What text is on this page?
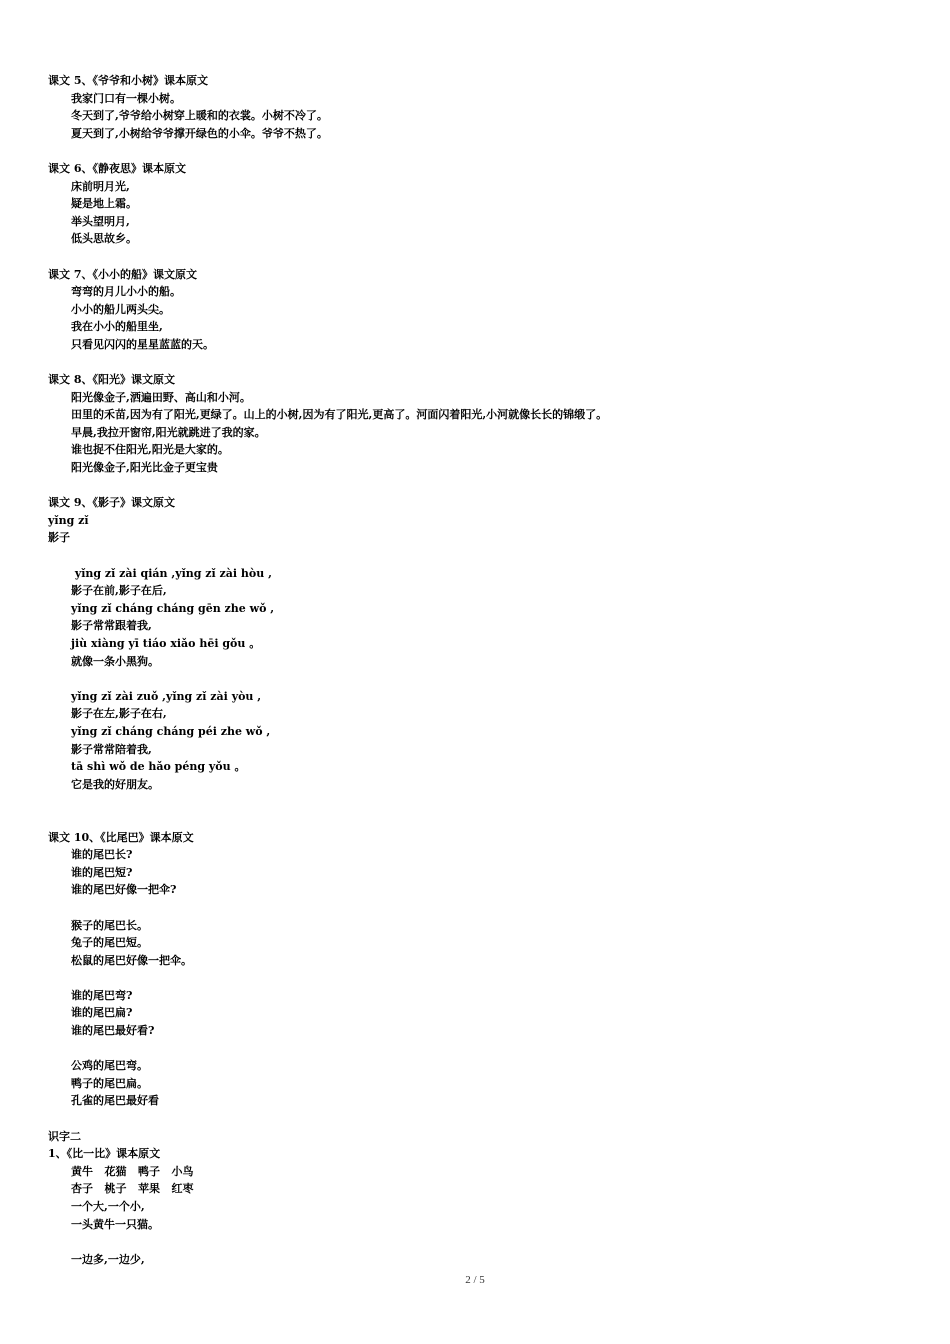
课文 5、《爷爷和小树》课本原文
我家门口有一棵小树。
冬天到了,爷爷给小树穿上暖和的衣裳。小树不冷了。
夏天到了,小树给爷爷撑开绿色的小伞。爷爷不热了。
课文 6、《静夜思》课本原文
床前明月光,
疑是地上霜。
举头望明月,
低头思故乡。
课文 7、《小小的船》课文原文
弯弯的月儿小小的船。
小小的船儿两头尖。
我在小小的船里坐,
只看见闪闪的星星蓝蓝的天。
课文 8、《阳光》课文原文
阳光像金子,洒遍田野、高山和小河。
田里的禾苗,因为有了阳光,更绿了。山上的小树,因为有了阳光,更高了。河面闪着阳光,小河就像长长的锦缎了。
早晨,我拉开窗帘,阳光就跳进了我的家。
谁也捉不住阳光,阳光是大家的。
阳光像金子,阳光比金子更宝贵
课文 9、《影子》课文原文
yǐng zǐ
影子
yǐng zǐ zài qián ,yǐng zǐ zài hòu ,
影子在前,影子在后,
yǐng zǐ cháng cháng gēn zhe wǒ ,
影子常常跟着我,
jiù xiàng yī tiáo xiǎo hēi gǒu 。
就像一条小黑狗。
yǐng zǐ zài zuǒ ,yǐng zǐ zài yòu ,
影子在左,影子在右,
yǐng zǐ cháng cháng péi zhe wǒ ,
影子常常陪着我,
tā shì wǒ de hǎo péng yǒu 。
它是我的好朋友。
课文 10、《比尾巴》课本原文
谁的尾巴长?
谁的尾巴短?
谁的尾巴好像一把伞?
猴子的尾巴长。
兔子的尾巴短。
松鼠的尾巴好像一把伞。
谁的尾巴弯?
谁的尾巴扁?
谁的尾巴最好看?
公鸡的尾巴弯。
鸭子的尾巴扁。
孔雀的尾巴最好看
识字二
1、《比一比》课本原文
黄牛   花猫   鸭子   小鸟
杏子   桃子   苹果   红枣
一个大,一个小,
一头黄牛一只猫。
一边多,一边少,
2 / 5
